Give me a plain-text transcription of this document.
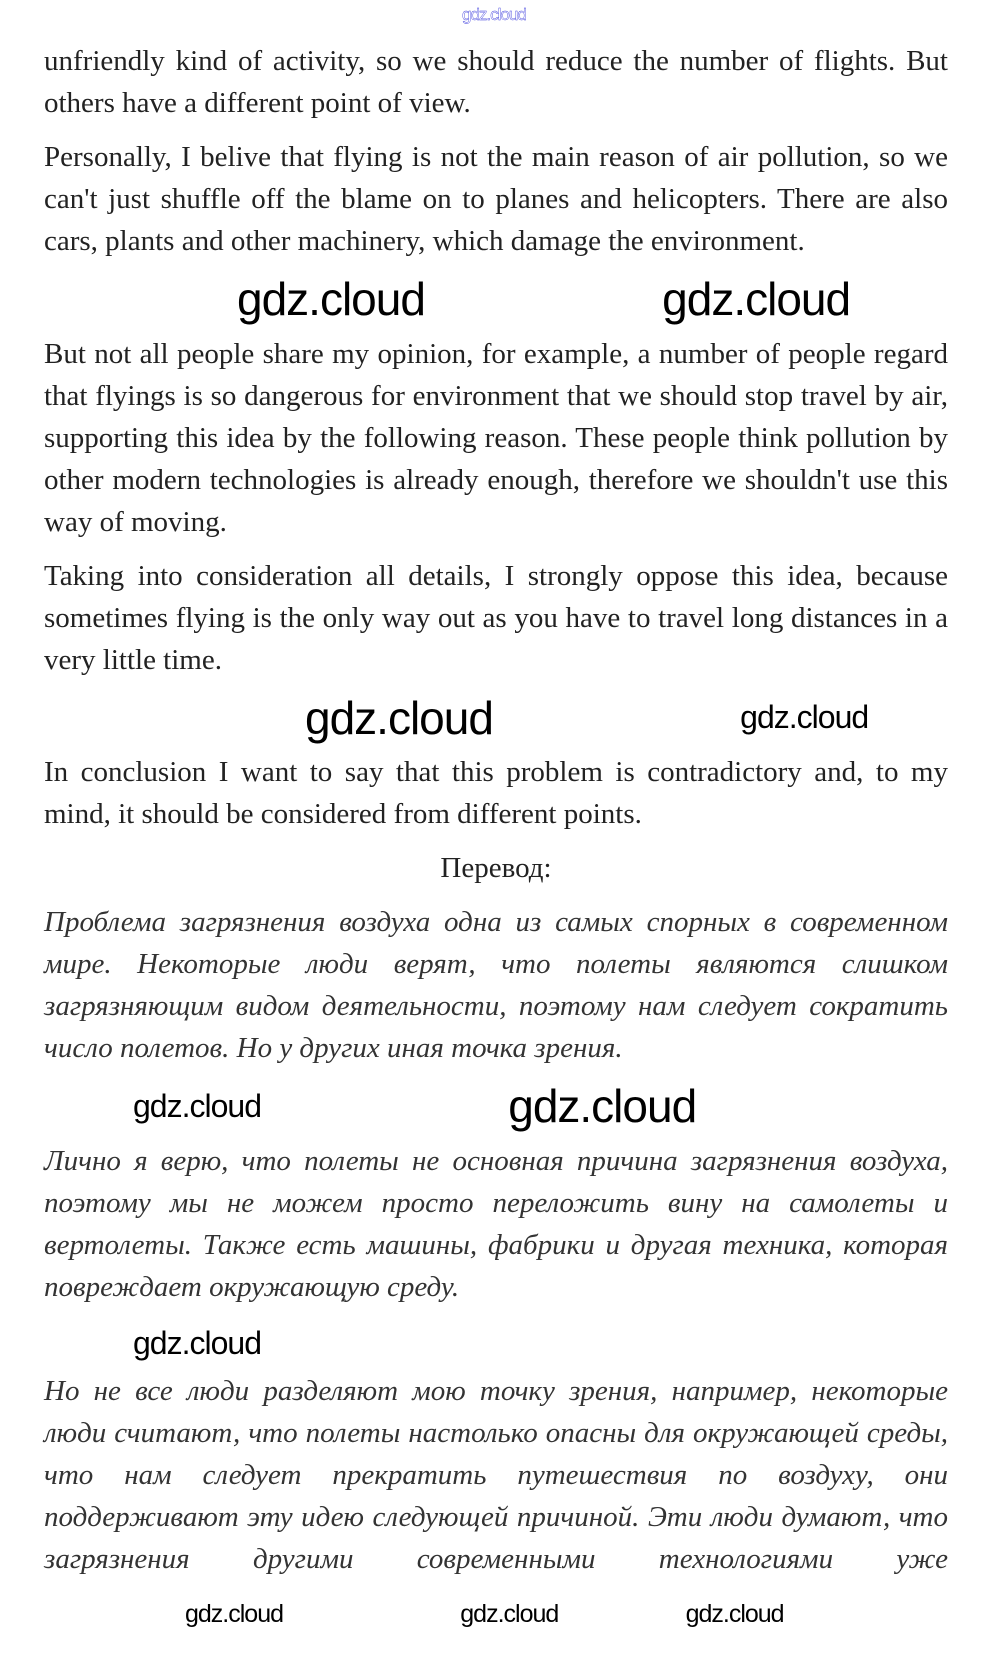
gdz.cloud

unfriendly kind of activity, so we should reduce the number of flights. But others have a different point of view.

Personally, I belive that flying is not the main reason of air pollution, so we can't just shuffle off the blame on to planes and helicopters. There are also cars, plants and other machinery, which damage the environment.

gdz.cloud	gdz.cloud

But not all people share my opinion, for example, a number of people regard that flyings is so dangerous for environment that we should stop travel by air, supporting this idea by the following reason. These people think pollution by other modern technologies is already enough, therefore we shouldn't use this way of moving.

Taking into consideration all details, I strongly oppose this idea, because sometimes flying is the only way out as you have to travel long distances in a very little time.

gdz.cloud	gdz.cloud

In conclusion I want to say that this problem is contradictory and, to my mind, it should be considered from different points.

Перевод:

Проблема загрязнения воздуха одна из самых спорных в современном мире. Некоторые люди верят, что полеты являются слишком загрязняющим видом деятельности, поэтому нам следует сократить число полетов. Но у других иная точка зрения.

gdz.cloud	gdz.cloud

Лично я верю, что полеты не основная причина загрязнения воздуха, поэтому мы не можем просто переложить вину на самолеты и вертолеты. Также есть машины, фабрики и другая техника, которая повреждает окружающую среду.

gdz.cloud

Но не все люди разделяют мою точку зрения, например, некоторые люди считают, что полеты настолько опасны для окружающей среды, что нам следует прекратить путешествия по воздуху, они поддерживают эту идею следующей причиной. Эти люди думают, что загрязнения другими современными технологиями уже

gdz.cloud	gdz.cloud	gdz.cloud
